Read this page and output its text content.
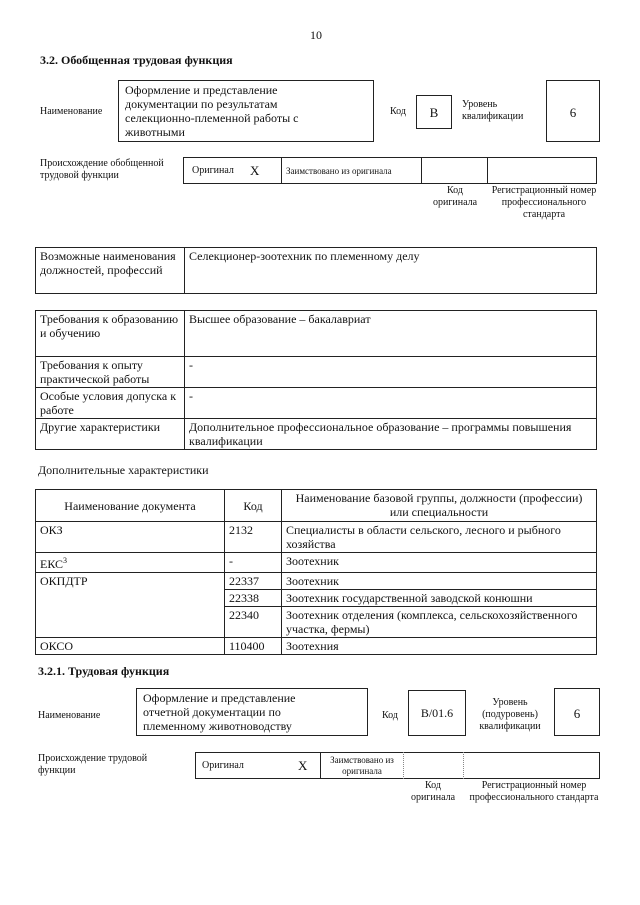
10
3.2. Обобщенная трудовая функция
Наименование
Оформление и представление документации по результатам селекционно-племенной работы с животными
Код	B
Уровень квалификации	6
Происхождение обобщенной трудовой функции	Оригинал X	Заимствовано из оригинала
Код оригинала
Регистрационный номер профессионального стандарта
Возможные наименования должностей, профессий	Селекционер-зоотехник по племенному делу
Требования к образованию и обучению	Высшее образование – бакалавриат
Требования к опыту практической работы	-
Особые условия допуска к работе	-
Другие характеристики	Дополнительное профессиональное образование – программы повышения квалификации
Дополнительные характеристики
Наименование документа	Код	Наименование базовой группы, должности (профессии) или специальности
ОКЗ	2132	Специалисты в области сельского, лесного и рыбного хозяйства
ЕКС$^3$	-	Зоотехник
ОКПДТР	22337	Зоотехник
	22338	Зоотехник государственной заводской конюшни
	22340	Зоотехник отделения (комплекса, сельскохозяйственного участка, фермы)
ОКСО	110400	Зоотехния
3.2.1. Трудовая функция
Наименование
Оформление и представление отчетной документации по племенному животноводству
Код	B/01.6
Уровень (подуровень) квалификации
6
Происхождение трудовой функции	Оригинал	X	Заимствовано из оригинала
Код оригинала
Регистрационный номер профессионального стандарта
